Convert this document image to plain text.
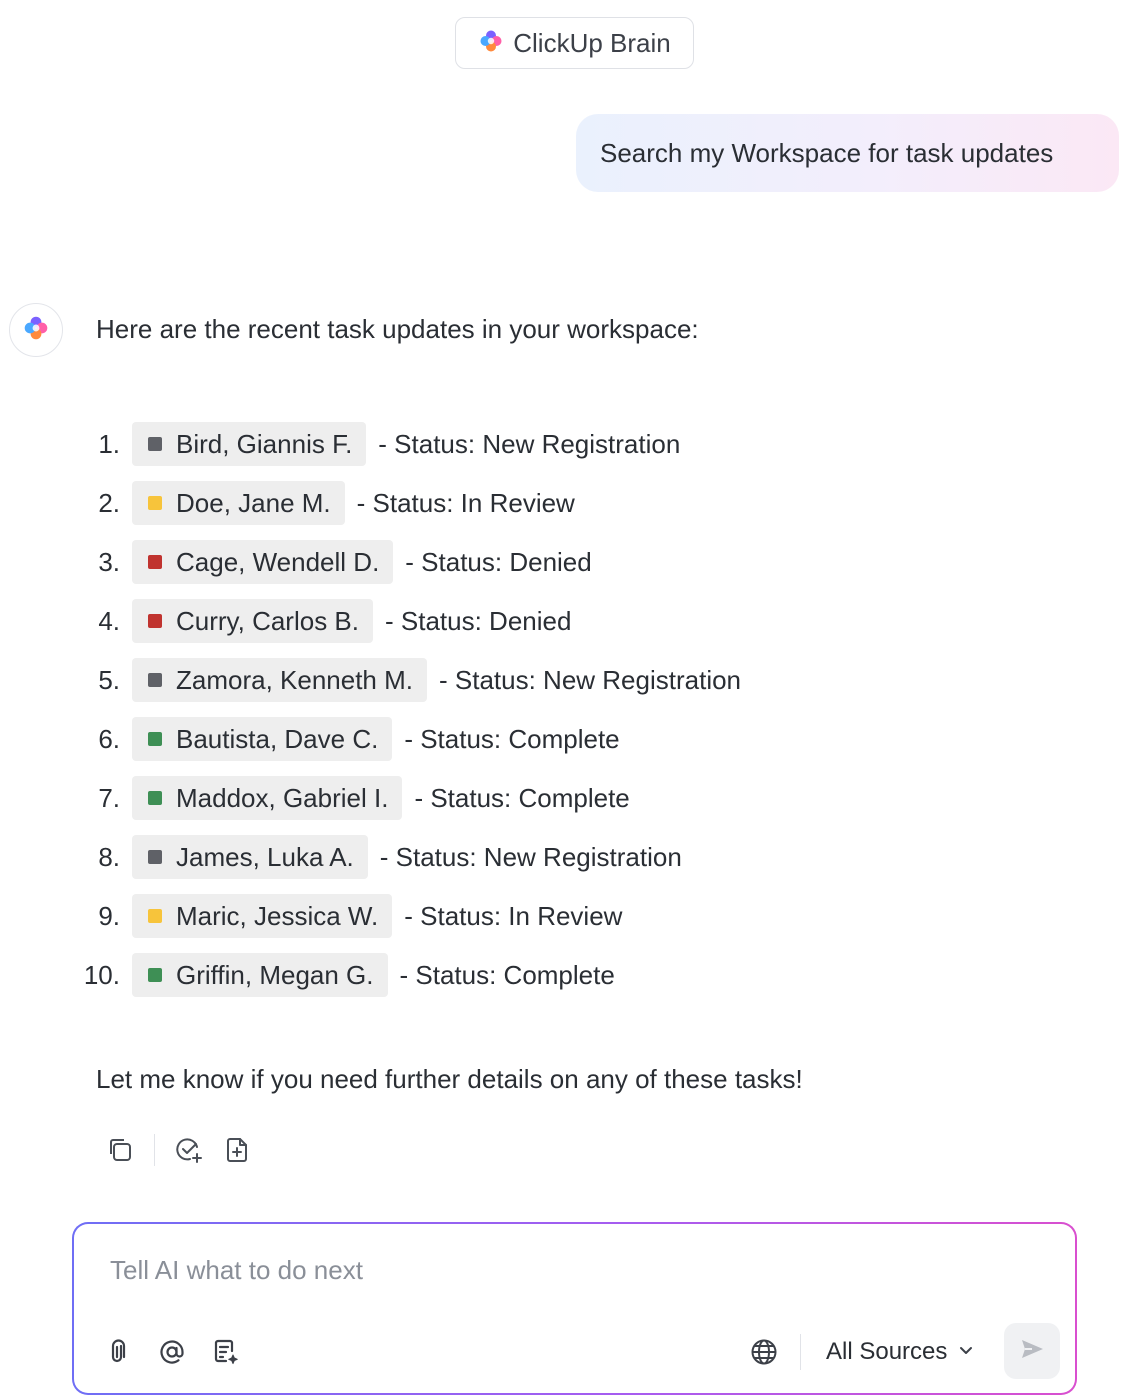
ClickUp Brain
Search my Workspace for task updates
Here are the recent task updates in your workspace:
1.	Bird, Giannis F. - Status: New Registration
2.	Doe, Jane M. - Status: In Review
3.	Cage, Wendell D. - Status: Denied
4.	Curry, Carlos B. - Status: Denied
5.	Zamora, Kenneth M. - Status: New Registration
6.	Bautista, Dave C. - Status: Complete
7.	Maddox, Gabriel I. - Status: Complete
8.	James, Luka A. - Status: New Registration
9.	Maric, Jessica W. - Status: In Review
10.	Griffin, Megan G. - Status: Complete
Let me know if you need further details on any of these tasks!
Tell AI what to do next
All Sources
